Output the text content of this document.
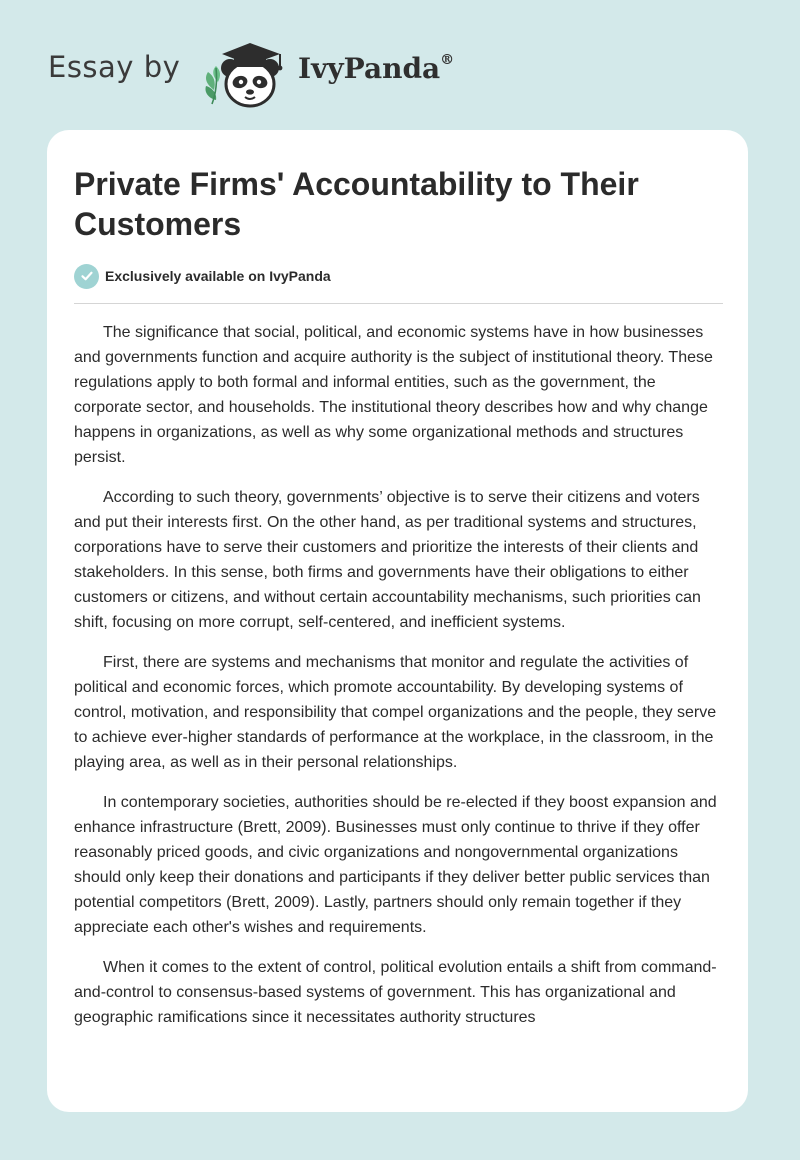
Essay by	IvyPanda®
Private Firms' Accountability to Their Customers
Exclusively available on IvyPanda

The significance that social, political, and economic systems have in how businesses and governments function and acquire authority is the subject of institutional theory. These regulations apply to both formal and informal entities, such as the government, the corporate sector, and households. The institutional theory describes how and why change happens in organizations, as well as why some organizational methods and structures persist.

According to such theory, governments’ objective is to serve their citizens and voters and put their interests first. On the other hand, as per traditional systems and structures, corporations have to serve their customers and prioritize the interests of their clients and stakeholders. In this sense, both firms and governments have their obligations to either customers or citizens, and without certain accountability mechanisms, such priorities can shift, focusing on more corrupt, self-centered, and inefficient systems.

First, there are systems and mechanisms that monitor and regulate the activities of political and economic forces, which promote accountability. By developing systems of control, motivation, and responsibility that compel organizations and the people, they serve to achieve ever-higher standards of performance at the workplace, in the classroom, in the playing area, as well as in their personal relationships.

In contemporary societies, authorities should be re-elected if they boost expansion and enhance infrastructure (Brett, 2009). Businesses must only continue to thrive if they offer reasonably priced goods, and civic organizations and nongovernmental organizations should only keep their donations and participants if they deliver better public services than potential competitors (Brett, 2009). Lastly, partners should only remain together if they appreciate each other's wishes and requirements.

When it comes to the extent of control, political evolution entails a shift from command-and-control to consensus-based systems of government. This has organizational and geographic ramifications since it necessitates authority structures
